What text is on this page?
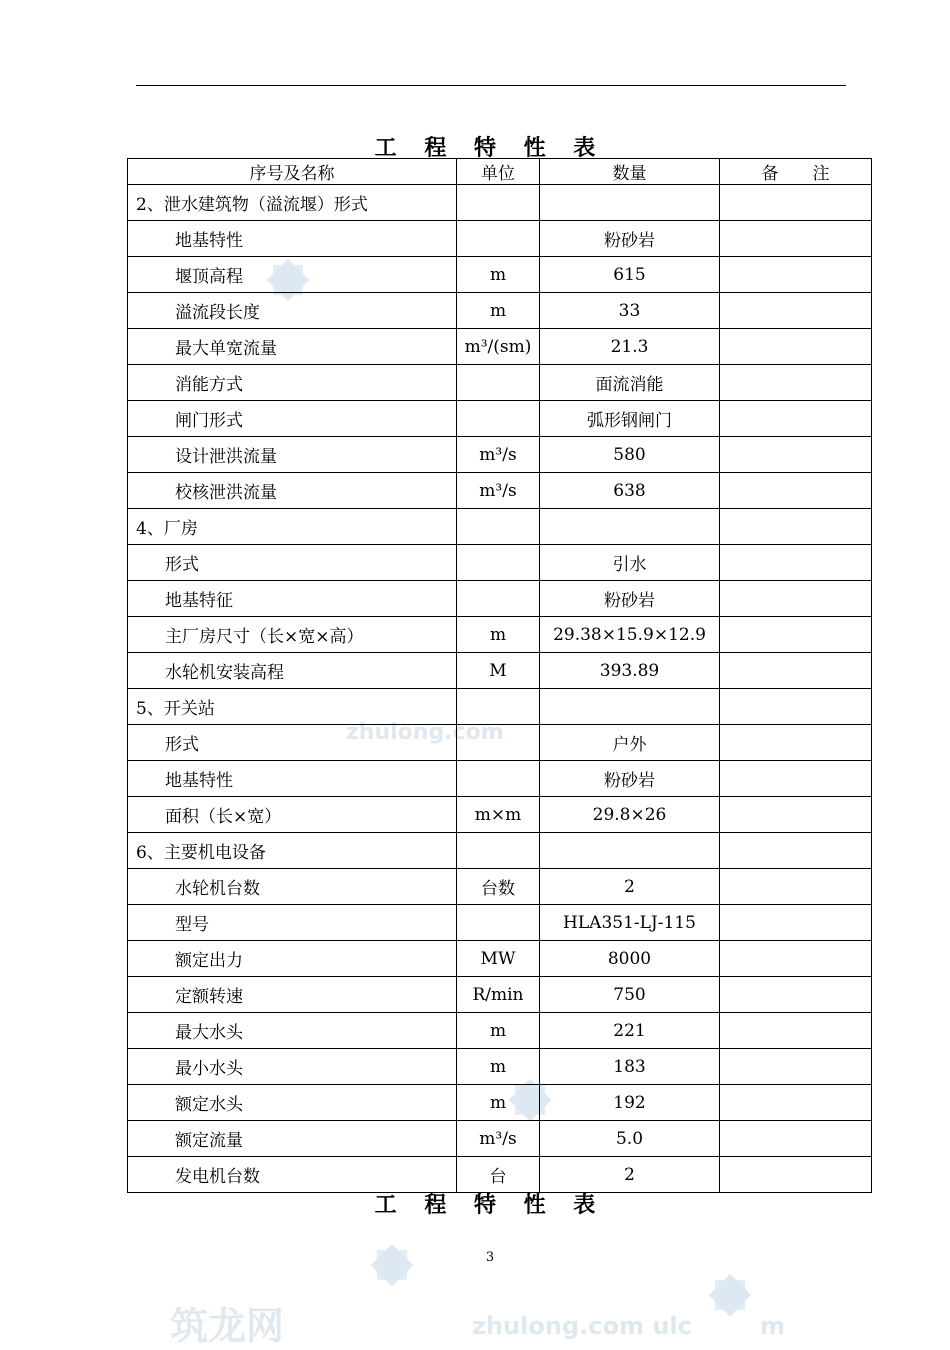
zhulong.com
筑龙网	zhulong.com ulc	m
工 程 特 性 表
序号及名称	单位	数量	备　　注
2、泄水建筑物（溢流堰）形式			
地基特性		粉砂岩	
堰顶高程	m	615	
溢流段长度	m	33	
最大单宽流量	m³/(sm)	21.3	
消能方式		面流消能	
闸门形式		弧形钢闸门	
设计泄洪流量	m³/s	580	
校核泄洪流量	m³/s	638	
4、厂房			
形式		引水	
地基特征		粉砂岩	
主厂房尺寸（长×宽×高）	m	29.38×15.9×12.9	
水轮机安装高程	M	393.89	
5、开关站			
形式		户外	
地基特性		粉砂岩	
面积（长×宽）	m×m	29.8×26	
6、主要机电设备			
水轮机台数	台数	2	
型号		HLA351-LJ-115	
额定出力	MW	8000	
定额转速	R/min	750	
最大水头	m	221	
最小水头	m	183	
额定水头	m	192	
额定流量	m³/s	5.0	
发电机台数	台	2	
工 程 特 性 表
3
